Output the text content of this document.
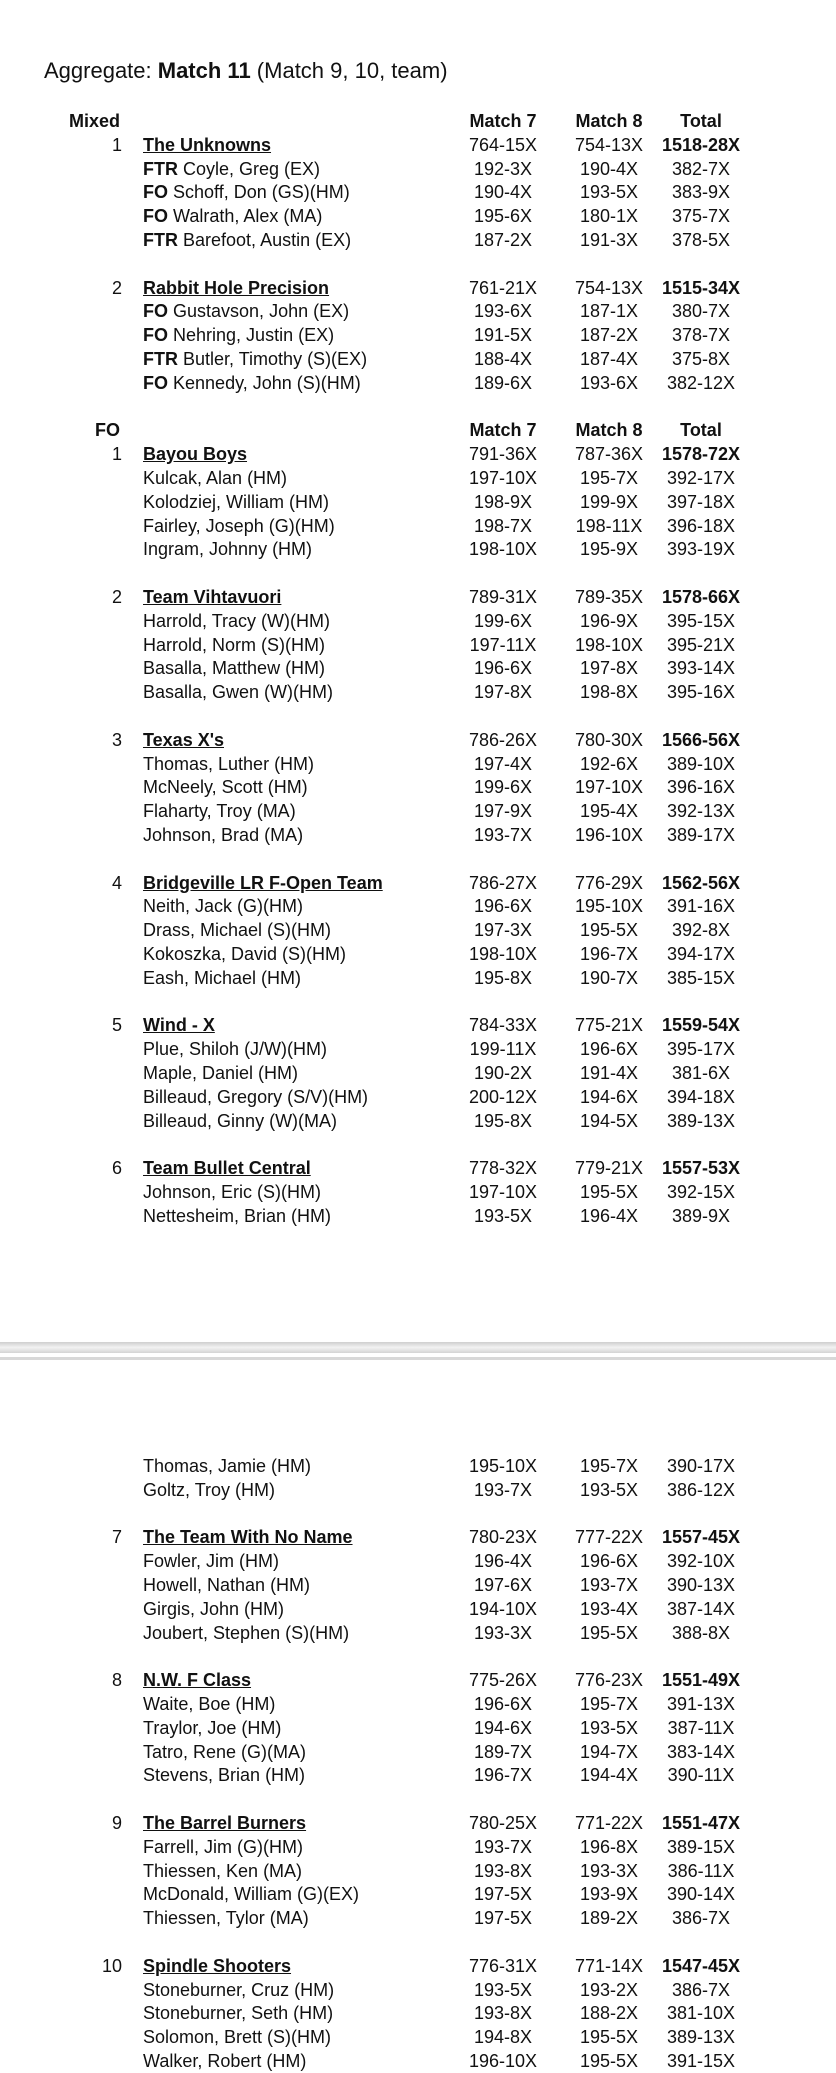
Aggregate: Match 11 (Match 9, 10, team)
Mixed	Match 7	Match 8	Total
1 The Unknowns	764-15X	754-13X	1518-28X
FTR Coyle, Greg (EX)	192-3X	190-4X	382-7X
FO Schoff, Don (GS)(HM)	190-4X	193-5X	383-9X
FO Walrath, Alex (MA)	195-6X	180-1X	375-7X
FTR Barefoot, Austin (EX)	187-2X	191-3X	378-5X
2 Rabbit Hole Precision	761-21X	754-13X	1515-34X
FO Gustavson, John (EX)	193-6X	187-1X	380-7X
FO Nehring, Justin (EX)	191-5X	187-2X	378-7X
FTR Butler, Timothy (S)(EX)	188-4X	187-4X	375-8X
FO Kennedy, John (S)(HM)	189-6X	193-6X	382-12X
FO	Match 7	Match 8	Total
1 Bayou Boys	791-36X	787-36X	1578-72X
Kulcak, Alan (HM)	197-10X	195-7X	392-17X
Kolodziej, William (HM)	198-9X	199-9X	397-18X
Fairley, Joseph (G)(HM)	198-7X	198-11X	396-18X
Ingram, Johnny (HM)	198-10X	195-9X	393-19X
2 Team Vihtavuori	789-31X	789-35X	1578-66X
Harrold, Tracy (W)(HM)	199-6X	196-9X	395-15X
Harrold, Norm (S)(HM)	197-11X	198-10X	395-21X
Basalla, Matthew (HM)	196-6X	197-8X	393-14X
Basalla, Gwen (W)(HM)	197-8X	198-8X	395-16X
3 Texas X's	786-26X	780-30X	1566-56X
Thomas, Luther (HM)	197-4X	192-6X	389-10X
McNeely, Scott (HM)	199-6X	197-10X	396-16X
Flaharty, Troy (MA)	197-9X	195-4X	392-13X
Johnson, Brad (MA)	193-7X	196-10X	389-17X
4 Bridgeville LR F-Open Team	786-27X	776-29X	1562-56X
Neith, Jack (G)(HM)	196-6X	195-10X	391-16X
Drass, Michael (S)(HM)	197-3X	195-5X	392-8X
Kokoszka, David (S)(HM)	198-10X	196-7X	394-17X
Eash, Michael (HM)	195-8X	190-7X	385-15X
5 Wind - X	784-33X	775-21X	1559-54X
Plue, Shiloh (J/W)(HM)	199-11X	196-6X	395-17X
Maple, Daniel (HM)	190-2X	191-4X	381-6X
Billeaud, Gregory (S/V)(HM)	200-12X	194-6X	394-18X
Billeaud, Ginny (W)(MA)	195-8X	194-5X	389-13X
6 Team Bullet Central	778-32X	779-21X	1557-53X
Johnson, Eric (S)(HM)	197-10X	195-5X	392-15X
Nettesheim, Brian (HM)	193-5X	196-4X	389-9X
Thomas, Jamie (HM)	195-10X	195-7X	390-17X
Goltz, Troy (HM)	193-7X	193-5X	386-12X
7 The Team With No Name	780-23X	777-22X	1557-45X
Fowler, Jim (HM)	196-4X	196-6X	392-10X
Howell, Nathan (HM)	197-6X	193-7X	390-13X
Girgis, John (HM)	194-10X	193-4X	387-14X
Joubert, Stephen (S)(HM)	193-3X	195-5X	388-8X
8 N.W. F Class	775-26X	776-23X	1551-49X
Waite, Boe (HM)	196-6X	195-7X	391-13X
Traylor, Joe (HM)	194-6X	193-5X	387-11X
Tatro, Rene (G)(MA)	189-7X	194-7X	383-14X
Stevens, Brian (HM)	196-7X	194-4X	390-11X
9 The Barrel Burners	780-25X	771-22X	1551-47X
Farrell, Jim (G)(HM)	193-7X	196-8X	389-15X
Thiessen, Ken (MA)	193-8X	193-3X	386-11X
McDonald, William (G)(EX)	197-5X	193-9X	390-14X
Thiessen, Tylor (MA)	197-5X	189-2X	386-7X
10 Spindle Shooters	776-31X	771-14X	1547-45X
Stoneburner, Cruz (HM)	193-5X	193-2X	386-7X
Stoneburner, Seth (HM)	193-8X	188-2X	381-10X
Solomon, Brett (S)(HM)	194-8X	195-5X	389-13X
Walker, Robert (HM)	196-10X	195-5X	391-15X
